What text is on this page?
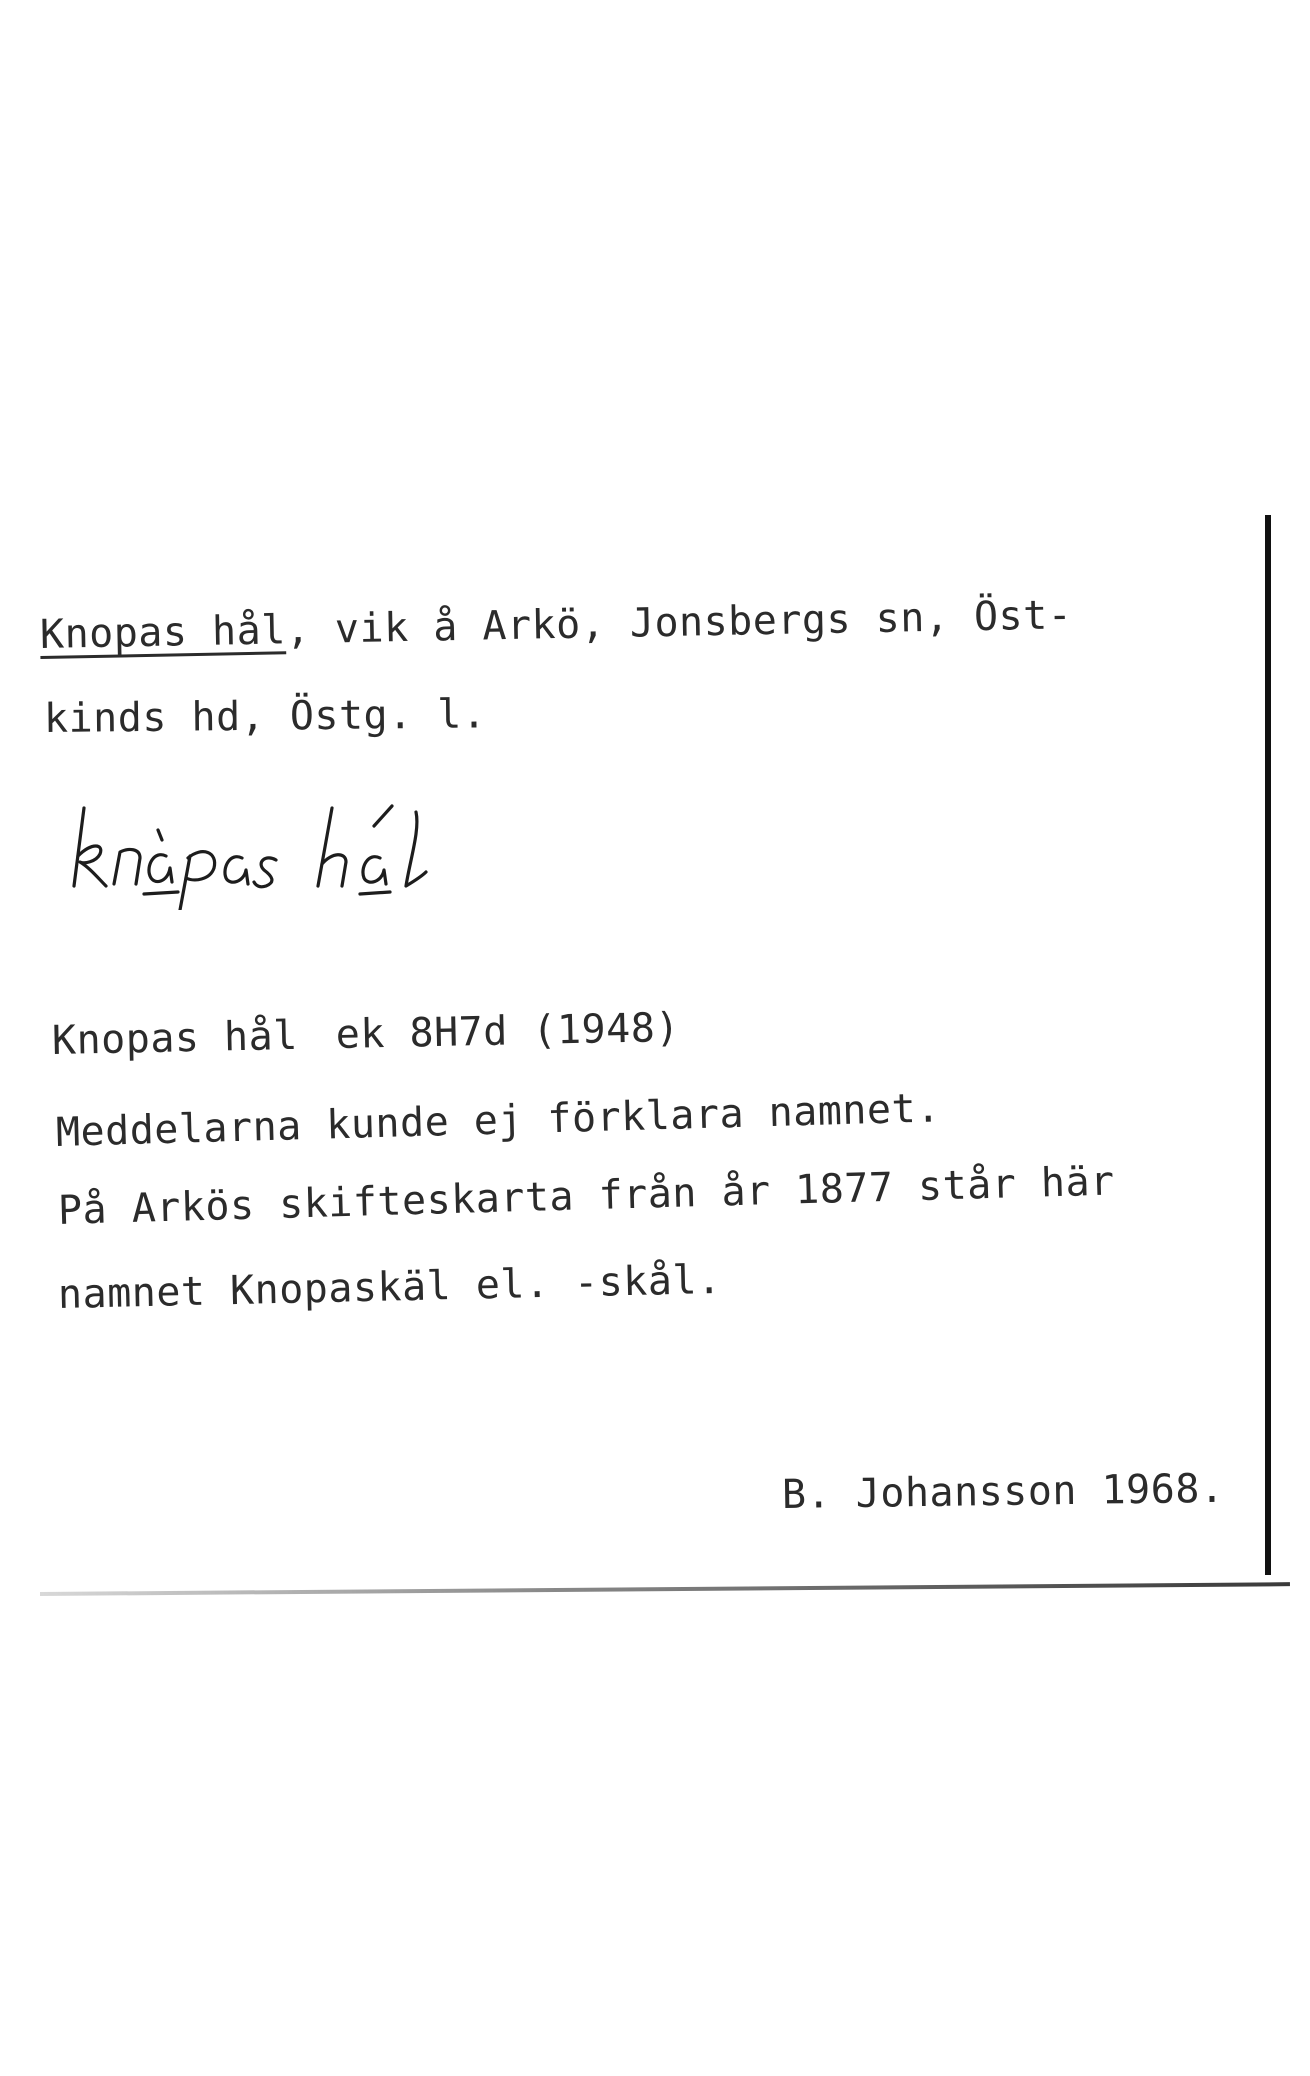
Knopas hål, vik å Arkö, Jonsbergs sn, Öst-
kinds hd, Östg. l.
Knopas hål ek 8H7d (1948)
Meddelarna kunde ej förklara namnet.
På Arkös skifteskarta från år 1877 står här
namnet Knopaskäl el. -skål.
B. Johansson 1968.
